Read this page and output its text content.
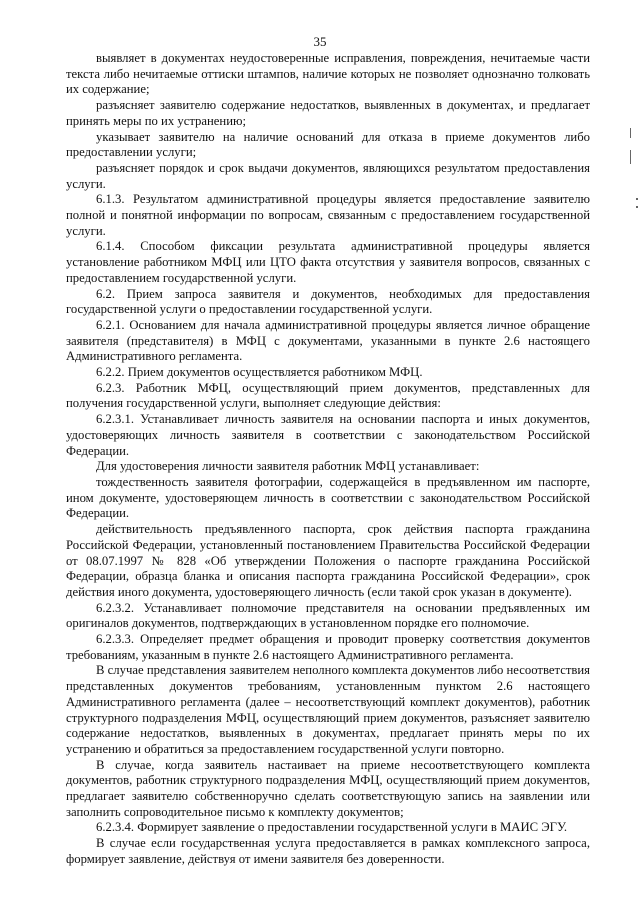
35

выявляет в документах неудостоверенные исправления, повреждения, нечитаемые части текста либо нечитаемые оттиски штампов, наличие которых не позволяет однозначно толковать их содержание;

разъясняет заявителю содержание недостатков, выявленных в документах, и предлагает принять меры по их устранению;

указывает заявителю на наличие оснований для отказа в приеме документов либо предоставлении услуги;

разъясняет порядок и срок выдачи документов, являющихся результатом предоставления услуги.

6.1.3. Результатом административной процедуры является предоставление заявителю полной и понятной информации по вопросам, связанным с предоставлением государственной услуги.

6.1.4. Способом фиксации результата административной процедуры является установление работником МФЦ или ЦТО факта отсутствия у заявителя вопросов, связанных с предоставлением государственной услуги.

6.2. Прием запроса заявителя и документов, необходимых для предоставления государственной услуги о предоставлении государственной услуги.

6.2.1. Основанием для начала административной процедуры является личное обращение заявителя (представителя) в МФЦ с документами, указанными в пункте 2.6 настоящего Административного регламента.

6.2.2. Прием документов осуществляется работником МФЦ.

6.2.3. Работник МФЦ, осуществляющий прием документов, представленных для получения государственной услуги, выполняет следующие действия:

6.2.3.1. Устанавливает личность заявителя на основании паспорта и иных документов, удостоверяющих личность заявителя в соответствии с законодательством Российской Федерации.

Для удостоверения личности заявителя работник МФЦ устанавливает:

тождественность заявителя фотографии, содержащейся в предъявленном им паспорте, ином документе, удостоверяющем личность в соответствии с законодательством Российской Федерации.

действительность предъявленного паспорта, срок действия паспорта гражданина Российской Федерации, установленный постановлением Правительства Российской Федерации от 08.07.1997 № 828 «Об утверждении Положения о паспорте гражданина Российской Федерации, образца бланка и описания паспорта гражданина Российской Федерации», срок действия иного документа, удостоверяющего личность (если такой срок указан в документе).

6.2.3.2. Устанавливает полномочие представителя на основании предъявленных им оригиналов документов, подтверждающих в установленном порядке его полномочие.

6.2.3.3. Определяет предмет обращения и проводит проверку соответствия документов требованиям, указанным в пункте 2.6 настоящего Административного регламента.

В случае представления заявителем неполного комплекта документов либо несоответствия представленных документов требованиям, установленным пунктом 2.6 настоящего Административного регламента (далее – несоответствующий комплект документов), работник структурного подразделения МФЦ, осуществляющий прием документов, разъясняет заявителю содержание недостатков, выявленных в документах, предлагает принять меры по их устранению и обратиться за предоставлением государственной услуги повторно.

В случае, когда заявитель настаивает на приеме несоответствующего комплекта документов, работник структурного подразделения МФЦ, осуществляющий прием документов, предлагает заявителю собственноручно сделать соответствующую запись на заявлении или заполнить сопроводительное письмо к комплекту документов;

6.2.3.4. Формирует заявление о предоставлении государственной услуги в МАИС ЭГУ.

В случае если государственная услуга предоставляется в рамках комплексного запроса, формирует заявление, действуя от имени заявителя без доверенности.
